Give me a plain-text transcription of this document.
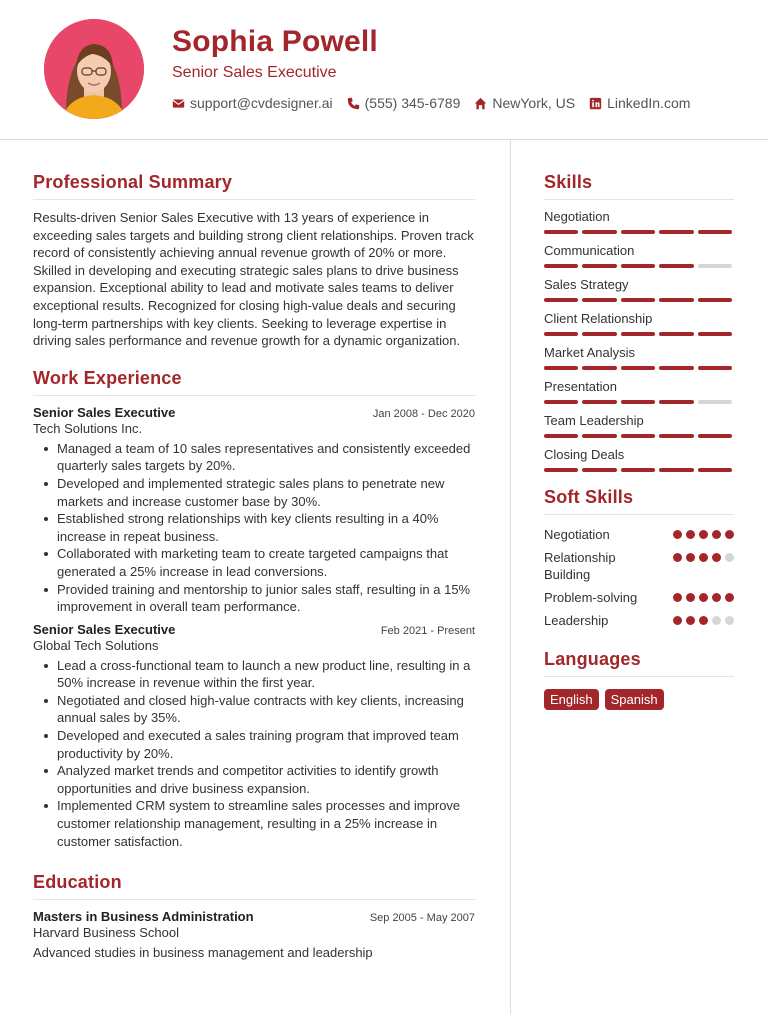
Sophia Powell
Senior Sales Executive
support@cvdesigner.ai (555) 345-6789 NewYork, US LinkedIn.com
Professional Summary

Results-driven Senior Sales Executive with 13 years of experience in exceeding sales targets and building strong client relationships. Proven track record of consistently achieving annual revenue growth of 20% or more. Skilled in developing and executing strategic sales plans to drive business expansion. Exceptional ability to lead and motivate sales teams to deliver exceptional results. Recognized for closing high-value deals and securing long-term partnerships with key clients. Seeking to leverage expertise in driving sales performance and revenue growth for a dynamic organization.

Work Experience
Senior Sales Executive	Jan 2008 - Dec 2020
Tech Solutions Inc.
Managed a team of 10 sales representatives and consistently exceeded quarterly sales targets by 20%.
Developed and implemented strategic sales plans to penetrate new markets and increase customer base by 30%.
Established strong relationships with key clients resulting in a 40% increase in repeat business.
Collaborated with marketing team to create targeted campaigns that generated a 25% increase in lead conversions.
Provided training and mentorship to junior sales staff, resulting in a 15% improvement in overall team performance.
Senior Sales Executive	Feb 2021 - Present
Global Tech Solutions
Lead a cross-functional team to launch a new product line, resulting in a 50% increase in revenue within the first year.
Negotiated and closed high-value contracts with key clients, increasing annual sales by 35%.
Developed and executed a sales training program that improved team productivity by 20%.
Analyzed market trends and competitor activities to identify growth opportunities and drive business expansion.
Implemented CRM system to streamline sales processes and improve customer relationship management, resulting in a 25% increase in customer satisfaction.
Education
Masters in Business Administration	Sep 2005 - May 2007
Harvard Business School
Advanced studies in business management and leadership
Skills
Negotiation
Communication
Sales Strategy
Client Relationship
Market Analysis
Presentation
Team Leadership
Closing Deals
Soft Skills
Negotiation
Relationship Building
Problem-solving
Leadership
Languages
English	Spanish
